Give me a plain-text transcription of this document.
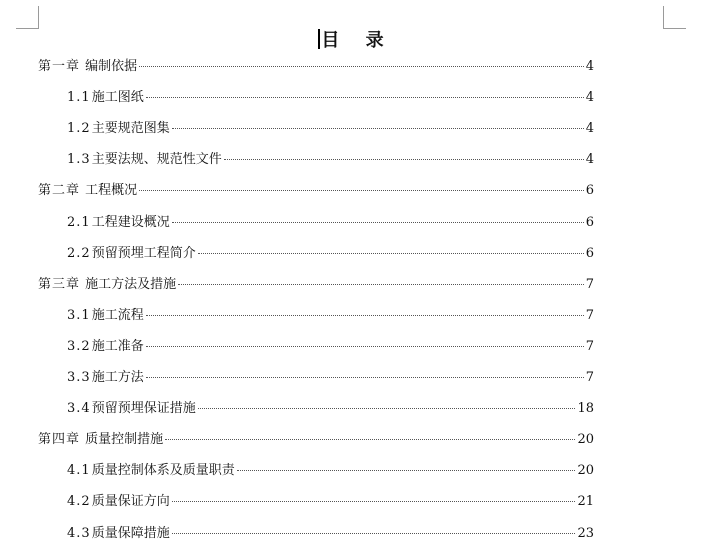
目 录
第一章 编制依据	4
1.1施工图纸	4
1.2主要规范图集	4
1.3主要法规、规范性文件	4
第二章 工程概况	6
2.1工程建设概况	6
2.2预留预埋工程简介	6
第三章 施工方法及措施	7
3.1施工流程	7
3.2施工准备	7
3.3施工方法	7
3.4预留预埋保证措施	18
第四章 质量控制措施	20
4.1质量控制体系及质量职责	20
4.2质量保证方向	21
4.3质量保障措施	23
